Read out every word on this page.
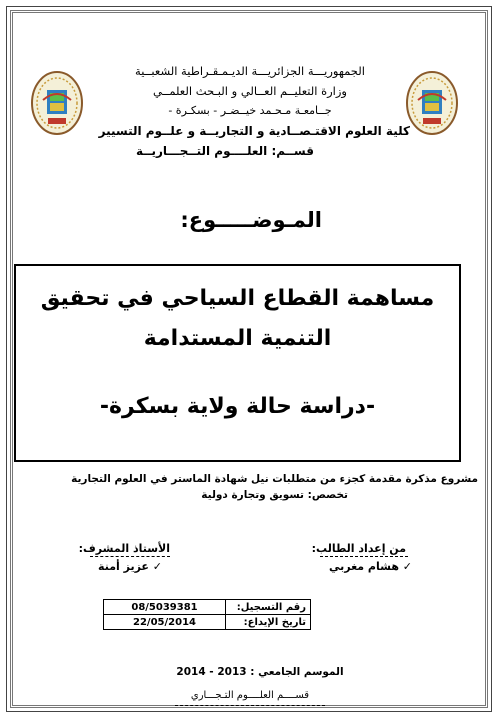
الجمهوريـــة الجزائريـــة الديـمـقـراطية الشعبــية
وزارة التعليــم العــالي و البـحث العلمــي
جــامعـة مـحـمد خيــضـر - بسكـرة -
كلية العلوم الاقتـصــادية و التجاريــة و علــوم التسيير
قســم: العلــــوم التــجـــاريــة
المـوضـــــوع:
مساهمة القطاع السياحي في تحقيق
التنمية المستدامة
-دراسة حالة ولاية بسكرة-
مشروع مذكرة مقدمة كجزء من متطلبات نيل شهادة الماستر في العلوم التجارية
تخصص: تسويق وتجارة دولية
من إعداد الطالب:
✓ هشام مغربي
الأستاذ المشرف:
✓ عزيز أمنة
رقم التسجيل:	08/5039381
تاريخ الإيداع:	22/05/2014
الموسم الجامعي : 2013 - 2014
قســــم العلــــوم التـجـــاري
